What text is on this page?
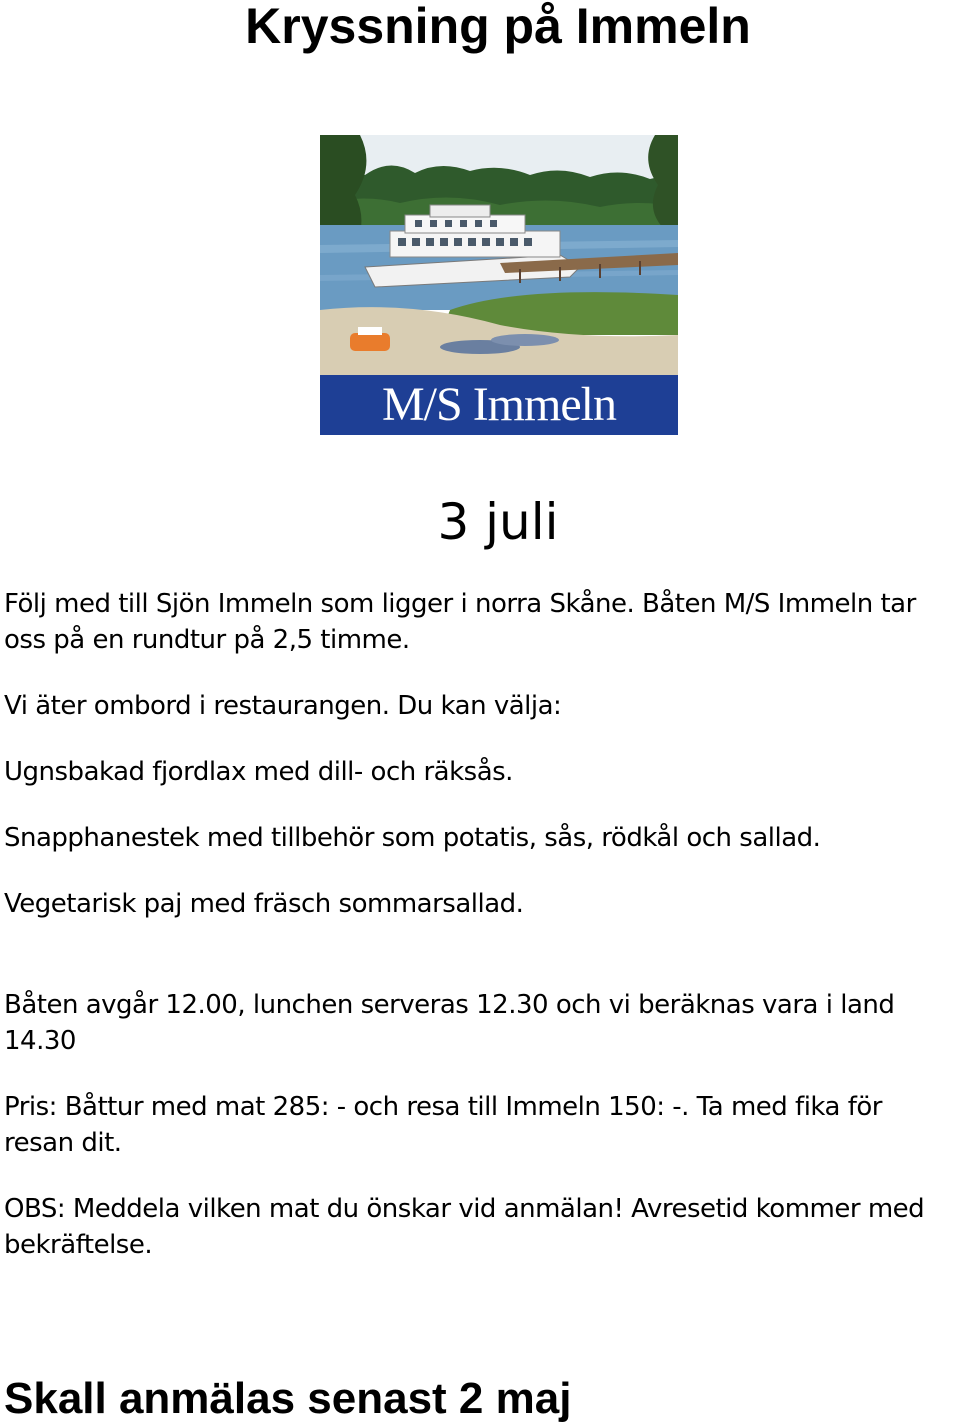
Kryssning på Immeln
M/S Immeln
3 juli

Följ med till Sjön Immeln som ligger i norra Skåne. Båten M/S Immeln tar oss på en rundtur på 2,5 timme.

Vi äter ombord i restaurangen. Du kan välja:

Ugnsbakad fjordlax med dill- och räksås.

Snapphanestek med tillbehör som potatis, sås, rödkål och sallad.

Vegetarisk paj med fräsch sommarsallad.

Båten avgår 12.00, lunchen serveras 12.30 och vi beräknas vara i land 14.30

Pris: Båttur med mat 285: - och resa till Immeln 150: -. Ta med fika för resan dit.

OBS: Meddela vilken mat du önskar vid anmälan! Avresetid kommer med bekräftelse.

Skall anmälas senast 2 maj
